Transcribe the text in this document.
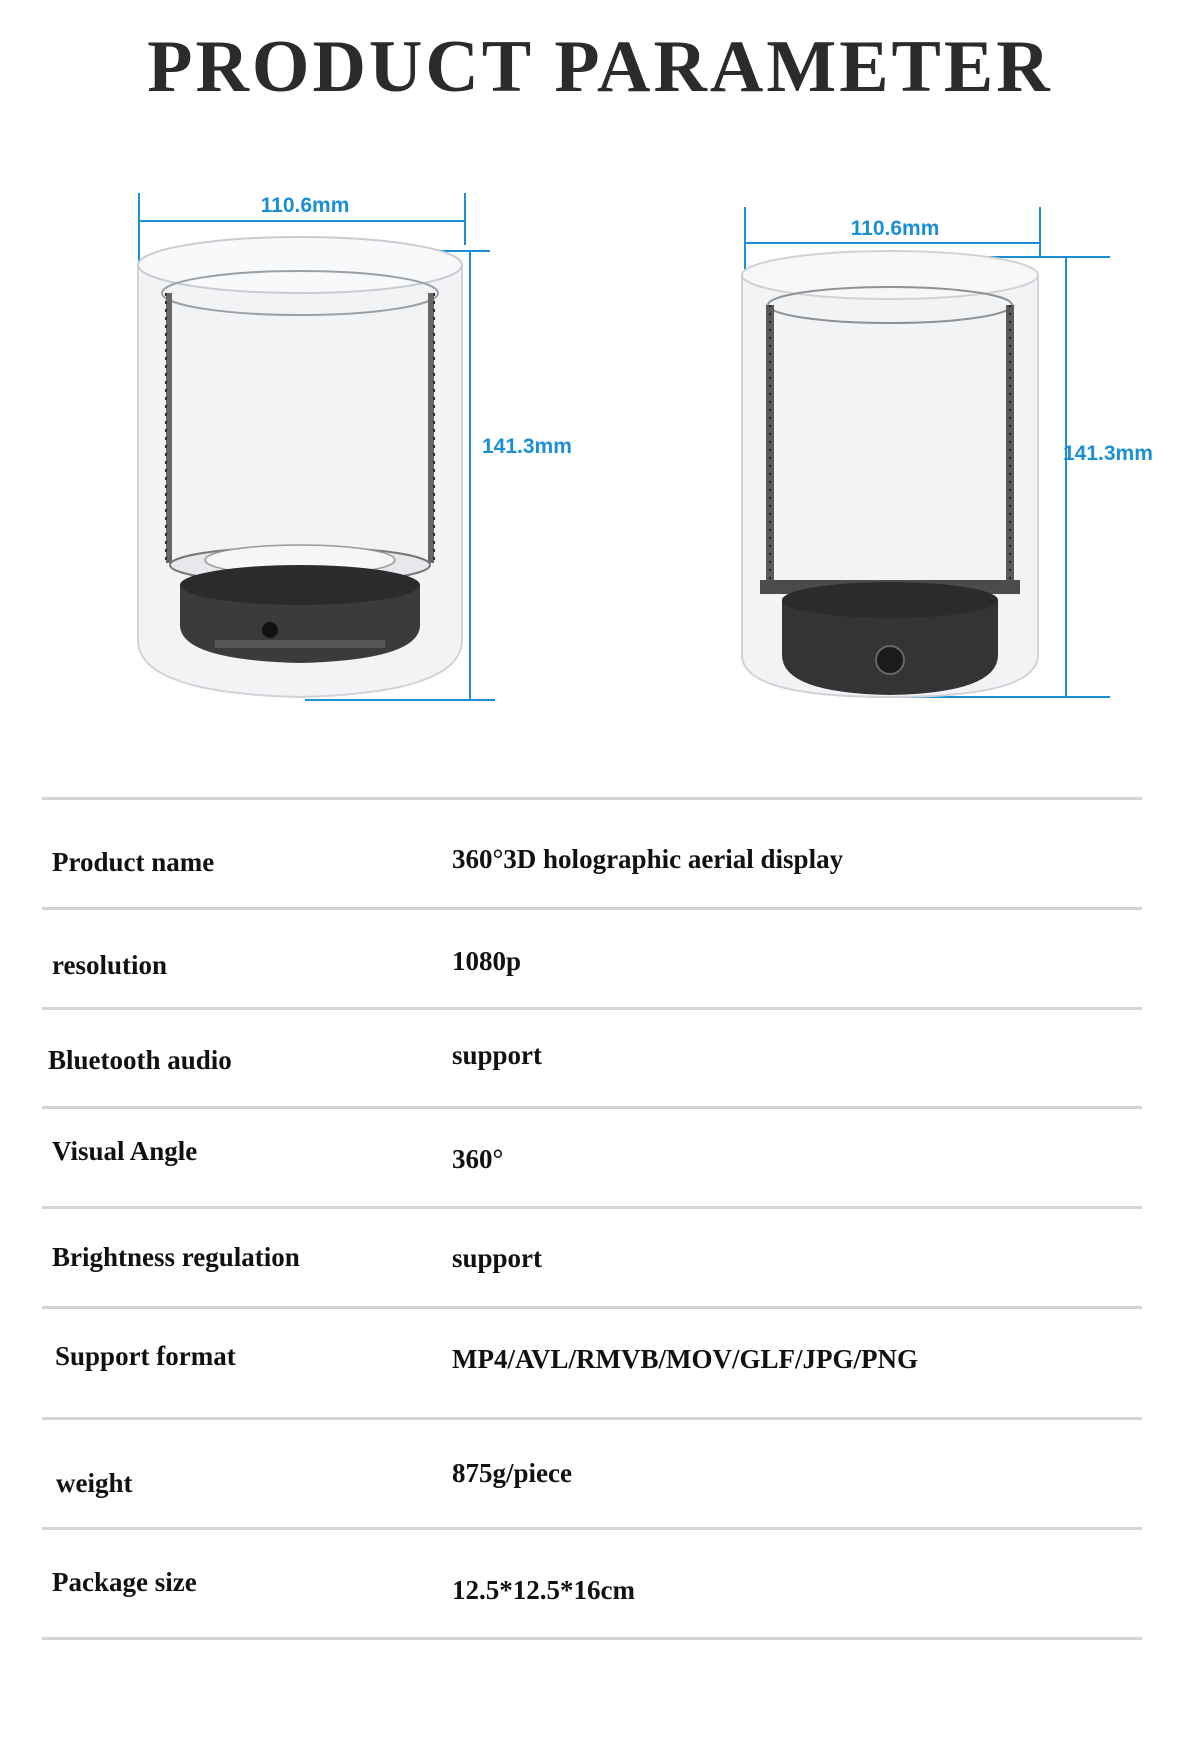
PRODUCT PARAMETER
110.6mm
141.3mm
110.6mm
141.3mm
Product name	360°3D holographic aerial display
resolution	1080p
Bluetooth audio	support
Visual Angle	360°
Brightness regulation	support
Support format	MP4/AVL/RMVB/MOV/GLF/JPG/PNG
weight	875g/piece
Package size	12.5*12.5*16cm
